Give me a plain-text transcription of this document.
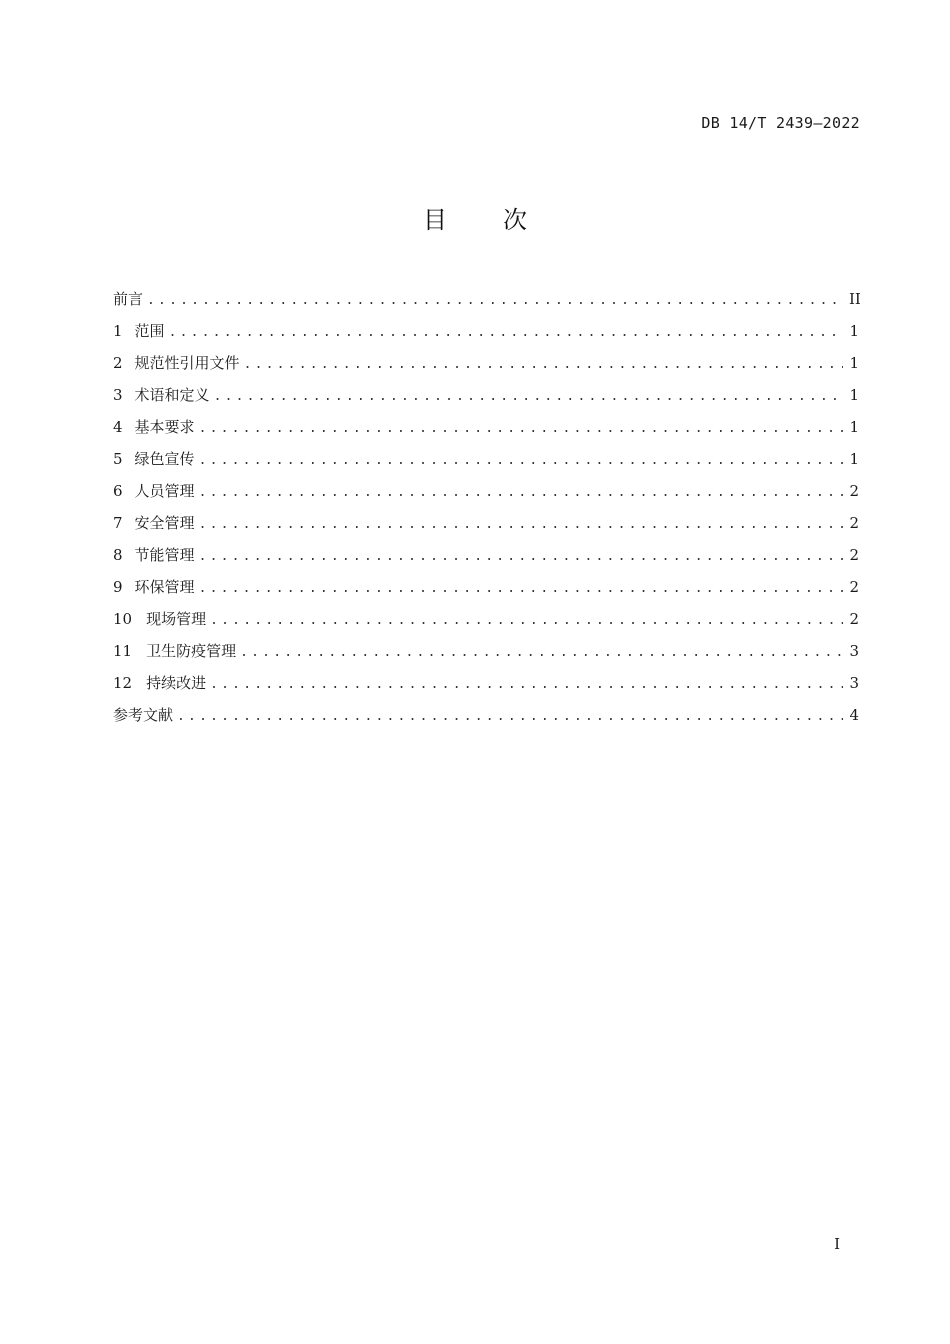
DB 14/T 2439—2022
目 次
前言 .....	II
1 范围 .....	1
2 规范性引用文件 .....	1
3 术语和定义 .....	1
4 基本要求 .....	1
5 绿色宣传 .....	1
6 人员管理 .....	2
7 安全管理 .....	2
8 节能管理 .....	2
9 环保管理 .....	2
10 现场管理 .....	2
11 卫生防疫管理 .....	3
12 持续改进 .....	3
参考文献 .....	4
I
